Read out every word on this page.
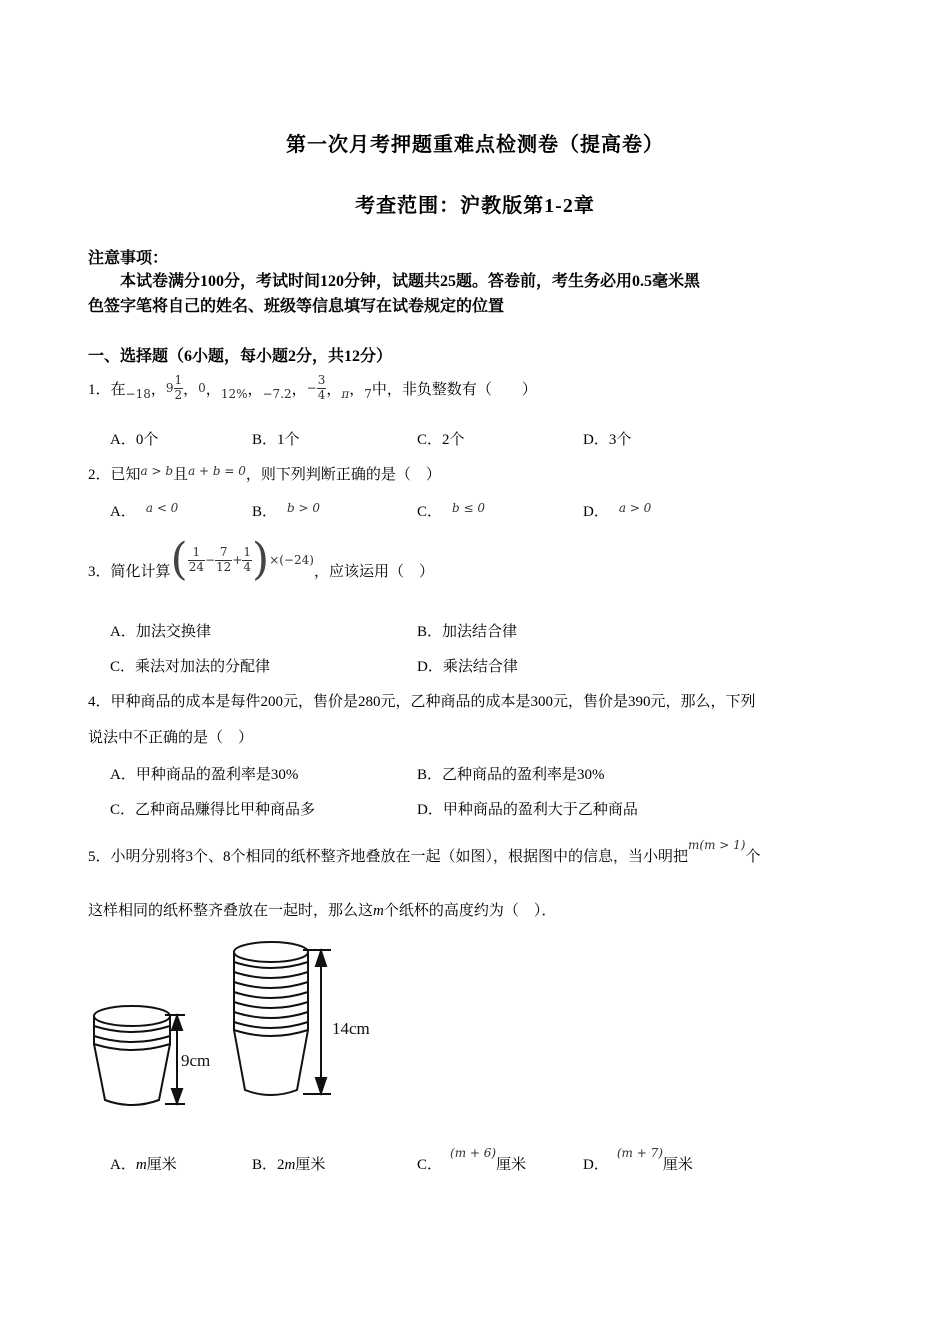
第一次月考押题重难点检测卷（提高卷）
考查范围：沪教版第1-2章
注意事项：
本试卷满分100分，考试时间120分钟，试题共25题。答卷前，考生务必用0.5毫米黑
色签字笔将自己的姓名、班级等信息填写在试卷规定的位置
一、选择题（6小题，每小题2分，共12分）
1．在 −18 ， $9 \frac{1}{2}$ ， 0 ， 12% ， −7.2 ， − $\frac{3}{4}$ ， π ， 7 中，非负整数有（　　）
A．0个	B．1个	C．2个	D．3个
2．已知$^{a > b}$且$^{a + b = 0}$，则下列判断正确的是（　）
A． $^{a < 0}$	B． $^{b > 0}$	C． $^{b \le 0}$	D． $^{a > 0}$
3．简化计算 ( $\frac{1}{24} - \frac{7}{12} + \frac{1}{4}$ ) ×(−24)
，应该运用（　）
A．加法交换律	B．加法结合律
C．乘法对加法的分配律	D．乘法结合律
4．甲种商品的成本是每件200元，售价是280元，乙种商品的成本是300元，售价是390元，那么，下列
说法中不正确的是（　）
A．甲种商品的盈利率是30%	B．乙种商品的盈利率是30%
C．乙种商品赚得比甲种商品多	D．甲种商品的盈利大于乙种商品
5．小明分别将3个、8个相同的纸杯整齐地叠放在一起（如图），根据图中的信息，当小明把$^{m(m > 1)}$个
这样相同的纸杯整齐叠放在一起时，那么这m个纸杯的高度约为（　）．
9cm
14cm
A．m厘米	B．2m厘米	C．$^{(m + 6)}$厘米	D．$^{(m + 7)}$厘米
